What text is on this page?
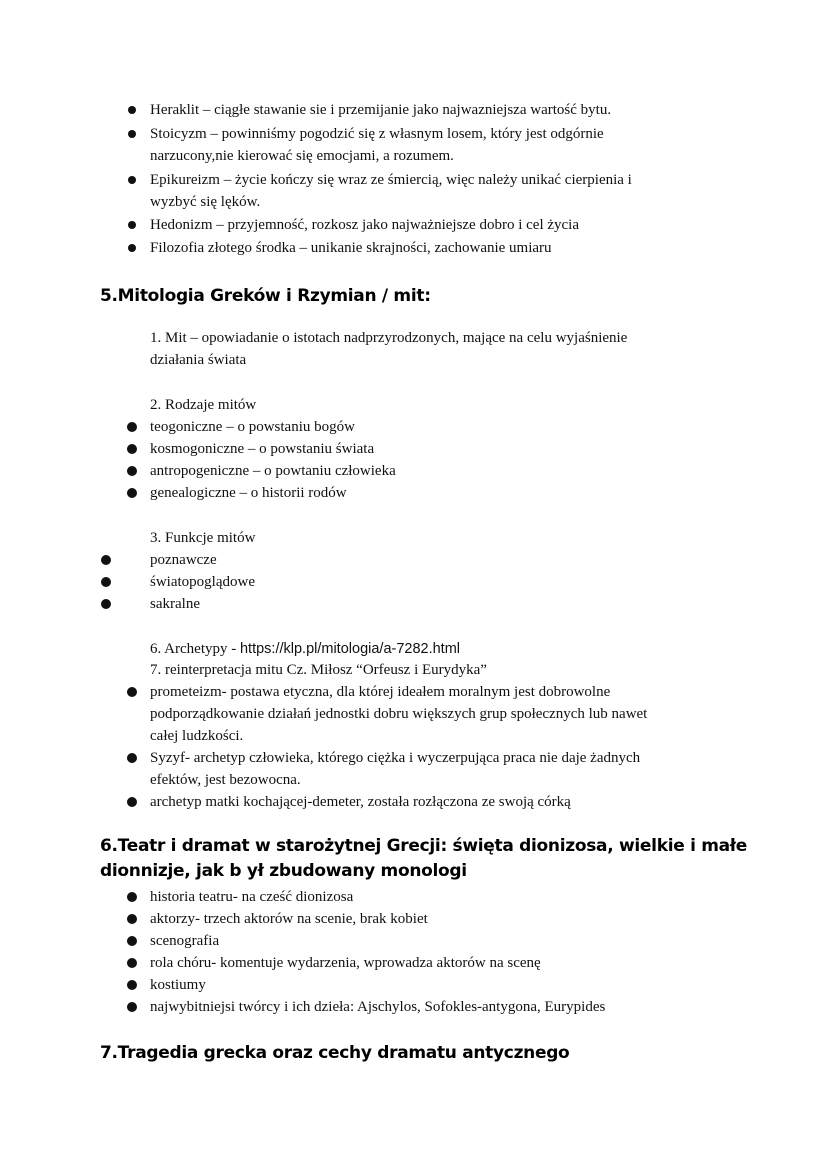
Heraklit – ciągłe stawanie sie i przemijanie jako najwazniejsza wartość bytu.
Stoicyzm – powinniśmy pogodzić się z własnym losem, który jest odgórnie
narzucony,nie kierować się emocjami, a rozumem.
Epikureizm – życie kończy się wraz ze śmiercią, więc należy unikać cierpienia i
wyzbyć się lęków.
Hedonizm – przyjemność, rozkosz jako najważniejsze dobro i cel życia
Filozofia złotego środka – unikanie skrajności, zachowanie umiaru
5.Mitologia Greków i Rzymian / mit:
1. Mit – opowiadanie o istotach nadprzyrodzonych, mające na celu wyjaśnienie
działania świata
2. Rodzaje mitów
teogoniczne – o powstaniu bogów
kosmogoniczne – o powstaniu świata
antropogeniczne – o powtaniu człowieka
genealogiczne – o historii rodów
3. Funkcje mitów
poznawcze
światopoglądowe
sakralne
6. Archetypy - https://klp.pl/mitologia/a-7282.html
7. reinterpretacja mitu Cz. Miłosz “Orfeusz i Eurydyka”
prometeizm- postawa etyczna, dla której ideałem moralnym jest dobrowolne
podporządkowanie działań jednostki dobru większych grup społecznych lub nawet
całej ludzkości.
Syzyf- archetyp człowieka, którego ciężka i wyczerpująca praca nie daje żadnych
efektów, jest bezowocna.
archetyp matki kochającej-demeter, została rozłączona ze swoją córką
6.Teatr i dramat w starożytnej Grecji: święta dionizosa, wielkie i małe
dionnizje, jak b ył zbudowany monologi
historia teatru- na cześć dionizosa
aktorzy- trzech aktorów na scenie, brak kobiet
scenografia
rola chóru- komentuje wydarzenia, wprowadza aktorów na scenę
kostiumy
najwybitniejsi twórcy i ich dzieła: Ajschylos, Sofokles-antygona, Eurypides
7.Tragedia grecka oraz cechy dramatu antycznego
